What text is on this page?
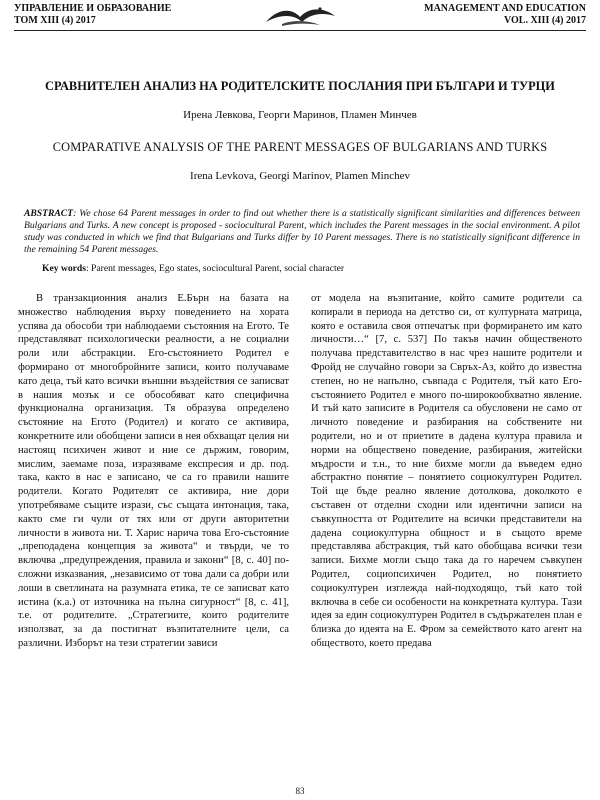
УПРАВЛЕНИЕ И ОБРАЗОВАНИЕ
ТОМ XIII (4) 2017
MANAGEMENT AND EDUCATION
VOL. XIII (4) 2017
СРАВНИТЕЛЕН АНАЛИЗ НА РОДИТЕЛСКИТЕ ПОСЛАНИЯ ПРИ БЪЛГАРИ И ТУРЦИ
Ирена Левкова, Георги Маринов, Пламен Минчев
COMPARATIVE ANALYSIS OF THE PARENT MESSAGES OF BULGARIANS AND TURKS
Irena Levkova, Georgi Marinov, Plamen Minchev
ABSTRACT: We chose 64 Parent messages in order to find out whether there is a statistically significant similarities and differences between Bulgarians and Turks. A new concept is proposed - sociocultural Parent, which includes the Parent messages in the social environment. A pilot study was conducted in which we find that Bulgarians and Turks differ by 10 Parent messages. There is no statistically significant difference in the remaining 54 Parent messages.
Key words: Parent messages, Ego states, sociocultural Parent, social character

В транзакционния анализ Е.Бърн на базата на множество наблюдения върху поведението на хората успява да обособи три наблюдаеми състояния на Егото. Те представляват психологически реалности, а не социални роли или абстракции. Его-състоянието Родител е формирано от многобройните записи, които получаваме като деца, тъй като всички външни въздействия се записват в нашия мозък и се обособяват като специфична функционална организация. Тя образува определено състояние на Егото (Родител) и когато се активира, конкретните или обобщени записи в нея обхващат целия ни настоящ психичен живот и ние се държим, говорим, мислим, заемаме поза, изразяваме експресия и др. под. така, както в нас е записано, че са го правили нашите родители. Когато Родителят се активира, ние дори употребяваме същите изрази, със същата интонация, така, както сме ги чули от тях или от други авторитетни личности в живота ни. Т. Харис нарича това Его-състояние „преподадена концепция за живота“ и твърди, че то включва „предупреждения, правила и закони“ [8, с. 40] по-сложни изказвания, „независимо от това дали са добри или лоши в светлината на разумната етика, те се записват като истина (к.а.) от източника на пълна сигурност“ [8, с. 41], т.е. от родителите. „Стратегиите, които родителите използват, за да постигнат възпитателните цели, са различни. Изборът на тези стратегии зависи

от модела на възпитание, който самите родители са копирали в периода на детство си, от културната матрица, която е оставила своя отпечатък при формирането им като личности…“ [7, с. 537] По такъв начин общественото получава представителство в нас чрез нашите родители и Фройд не случайно говори за Свръх-Аз, който до известна степен, но не напълно, съвпада с Родителя, тъй като Его-състоянието Родител е много по-широкообхватно явление. И тъй като записите в Родителя са обусловени не само от личното поведение и разбирания на собствените ни родители, но и от приетите в дадена култура правила и норми на обществено поведение, разбирания, житейски мъдрости и т.н., то ние бихме могли да въведем едно абстрактно понятие – понятието социокултурен Родител. Той ще бъде реално явление дотолкова, доколкото е съставен от отделни сходни или идентични записи на съвкупността от Родителите на всички представители на дадена социокултурна общност и в същото време представлява абстракция, тъй като обобщава всички тези записи. Бихме могли също така да го наречем съвкупен Родител, социопсихичен Родител, но понятието социокултурен изглежда най-подходящо, тъй като той включва в себе си особености на конкретната култура. Тази идея за един социокултурен Родител в съдържателен план е близка до идеята на Е. Фром за семейството като агент на обществото, което предава

83
